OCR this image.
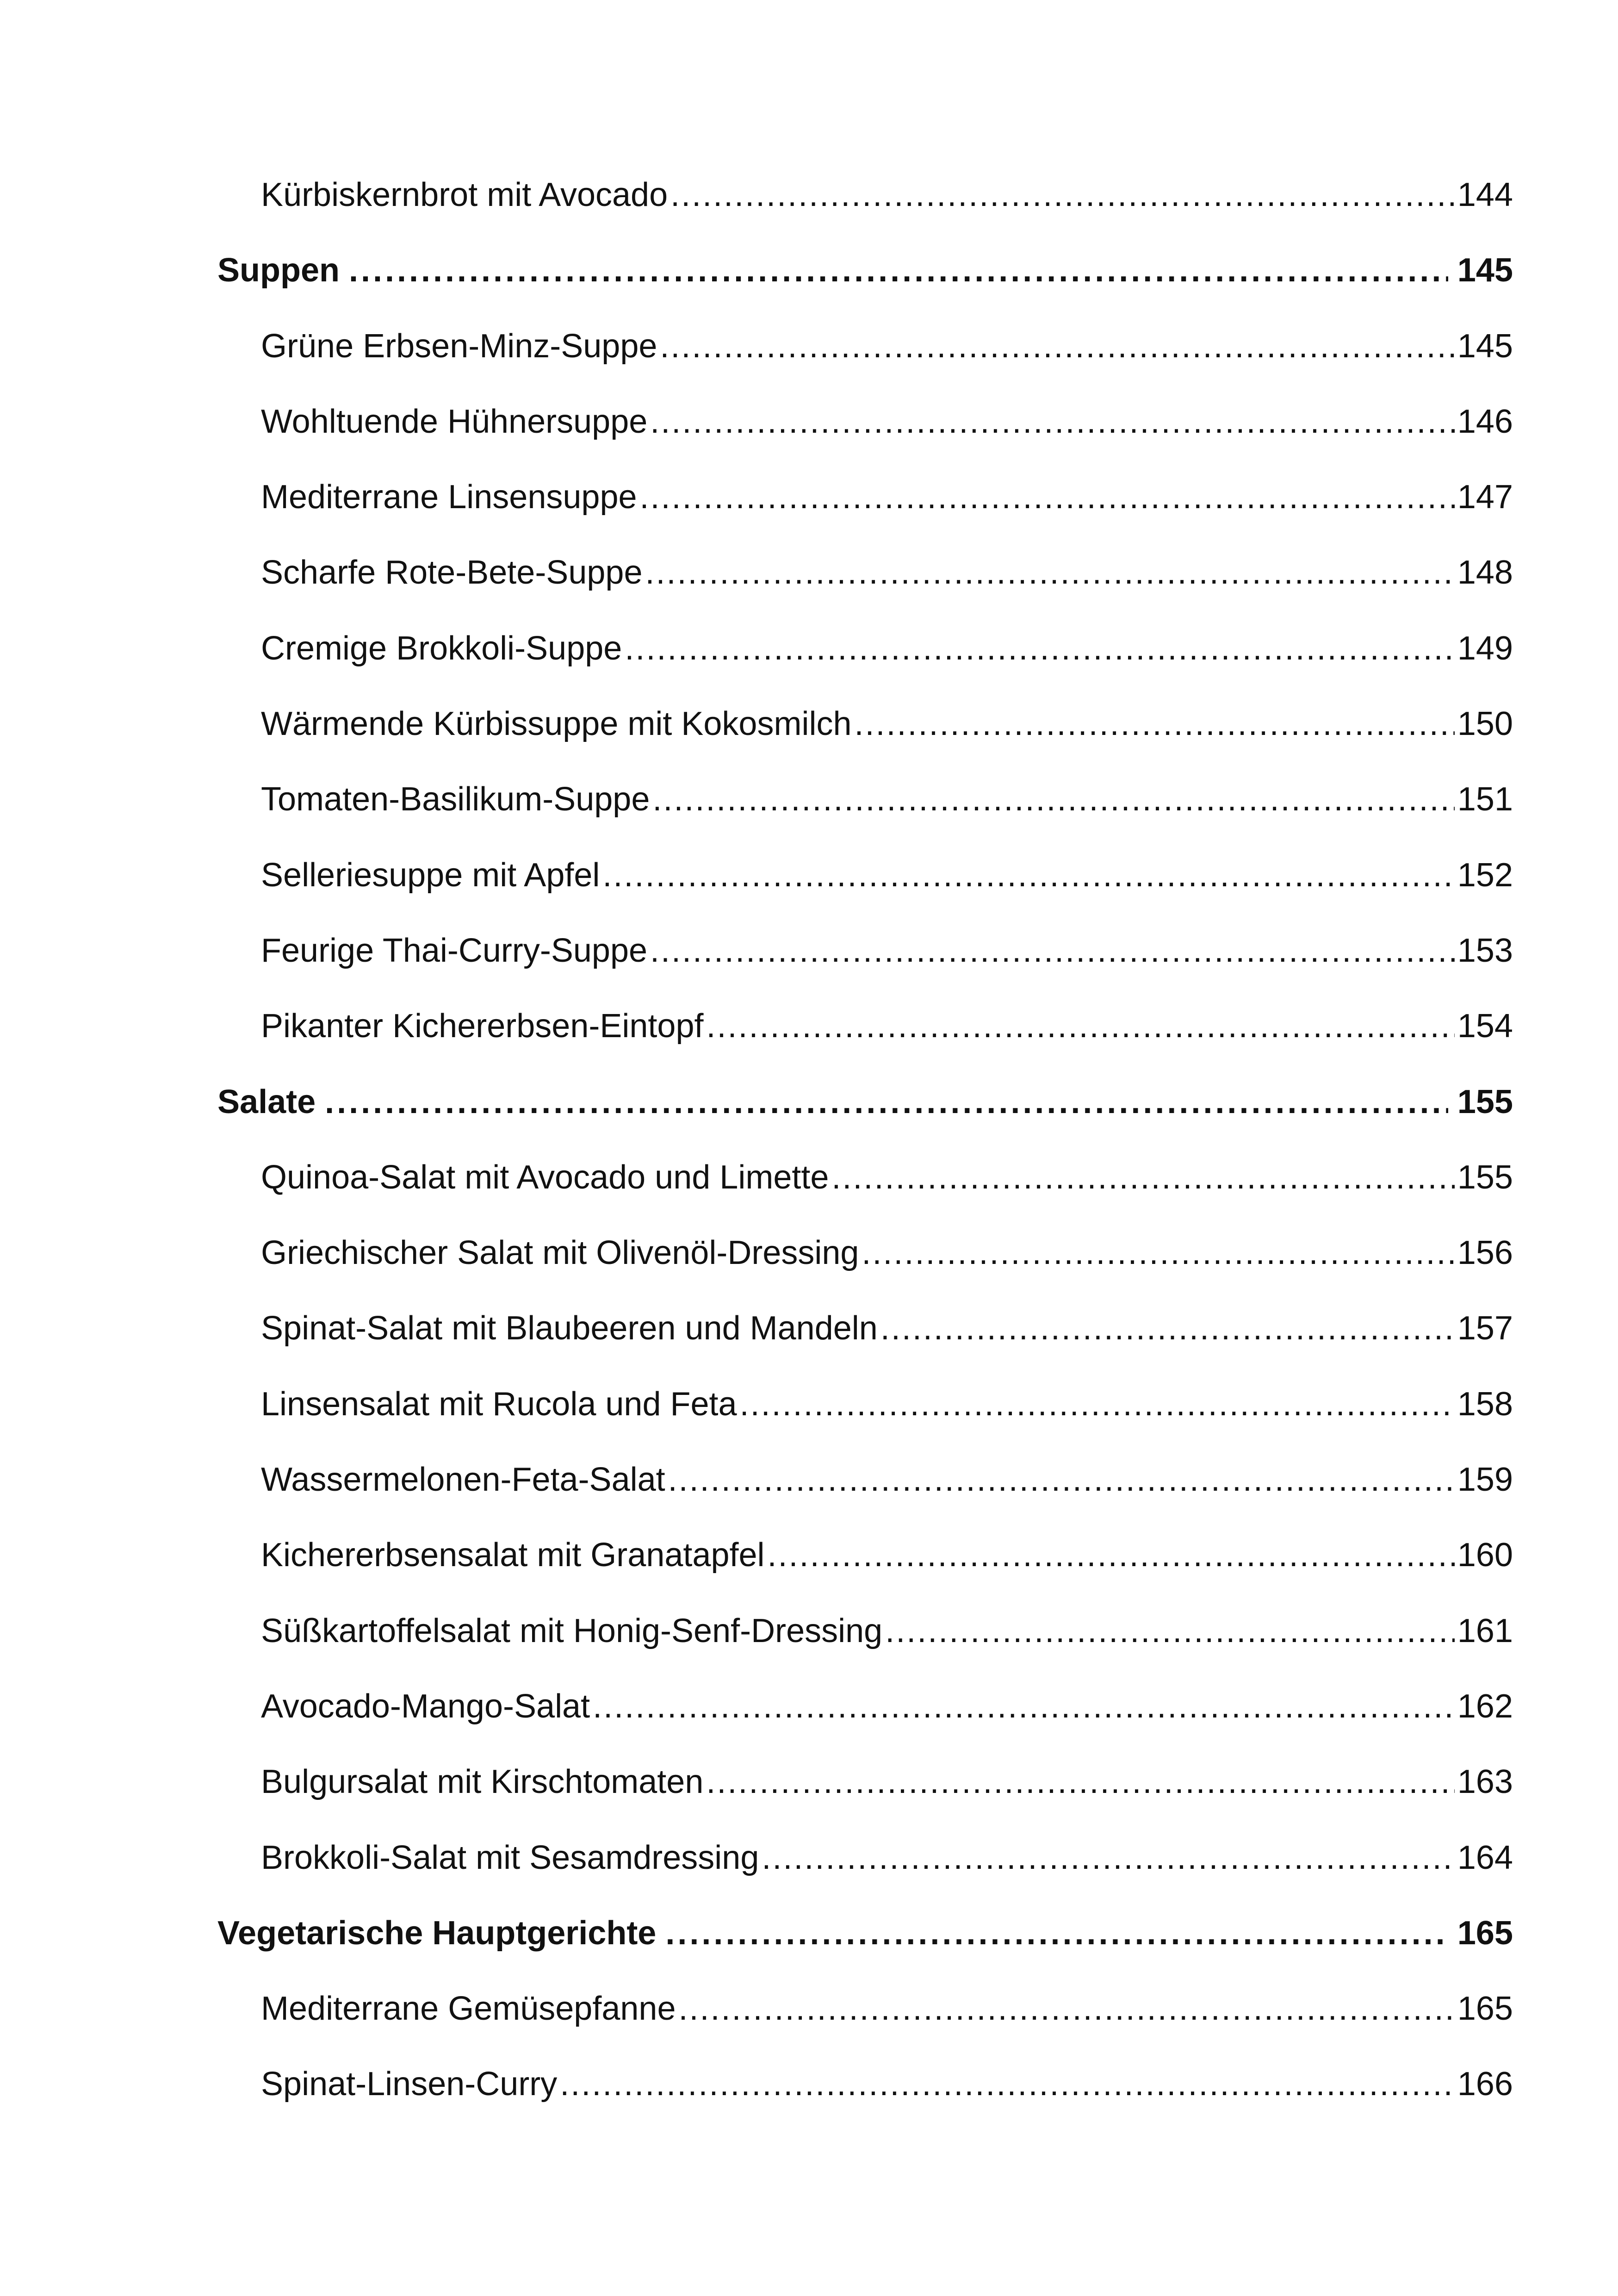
Kürbiskernbrot mit Avocado .....	144
Suppen .....	145
Grüne Erbsen-Minz-Suppe .....	145
Wohltuende Hühnersuppe .....	146
Mediterrane Linsensuppe .....	147
Scharfe Rote-Bete-Suppe .....	148
Cremige Brokkoli-Suppe .....	149
Wärmende Kürbissuppe mit Kokosmilch .....	150
Tomaten-Basilikum-Suppe .....	151
Selleriesuppe mit Apfel .....	152
Feurige Thai-Curry-Suppe .....	153
Pikanter Kichererbsen-Eintopf .....	154
Salate .....	155
Quinoa-Salat mit Avocado und Limette .....	155
Griechischer Salat mit Olivenöl-Dressing .....	156
Spinat-Salat mit Blaubeeren und Mandeln .....	157
Linsensalat mit Rucola und Feta .....	158
Wassermelonen-Feta-Salat .....	159
Kichererbsensalat mit Granatapfel .....	160
Süßkartoffelsalat mit Honig-Senf-Dressing .....	161
Avocado-Mango-Salat .....	162
Bulgursalat mit Kirschtomaten .....	163
Brokkoli-Salat mit Sesamdressing .....	164
Vegetarische Hauptgerichte .....	165
Mediterrane Gemüsepfanne .....	165
Spinat-Linsen-Curry .....	166
